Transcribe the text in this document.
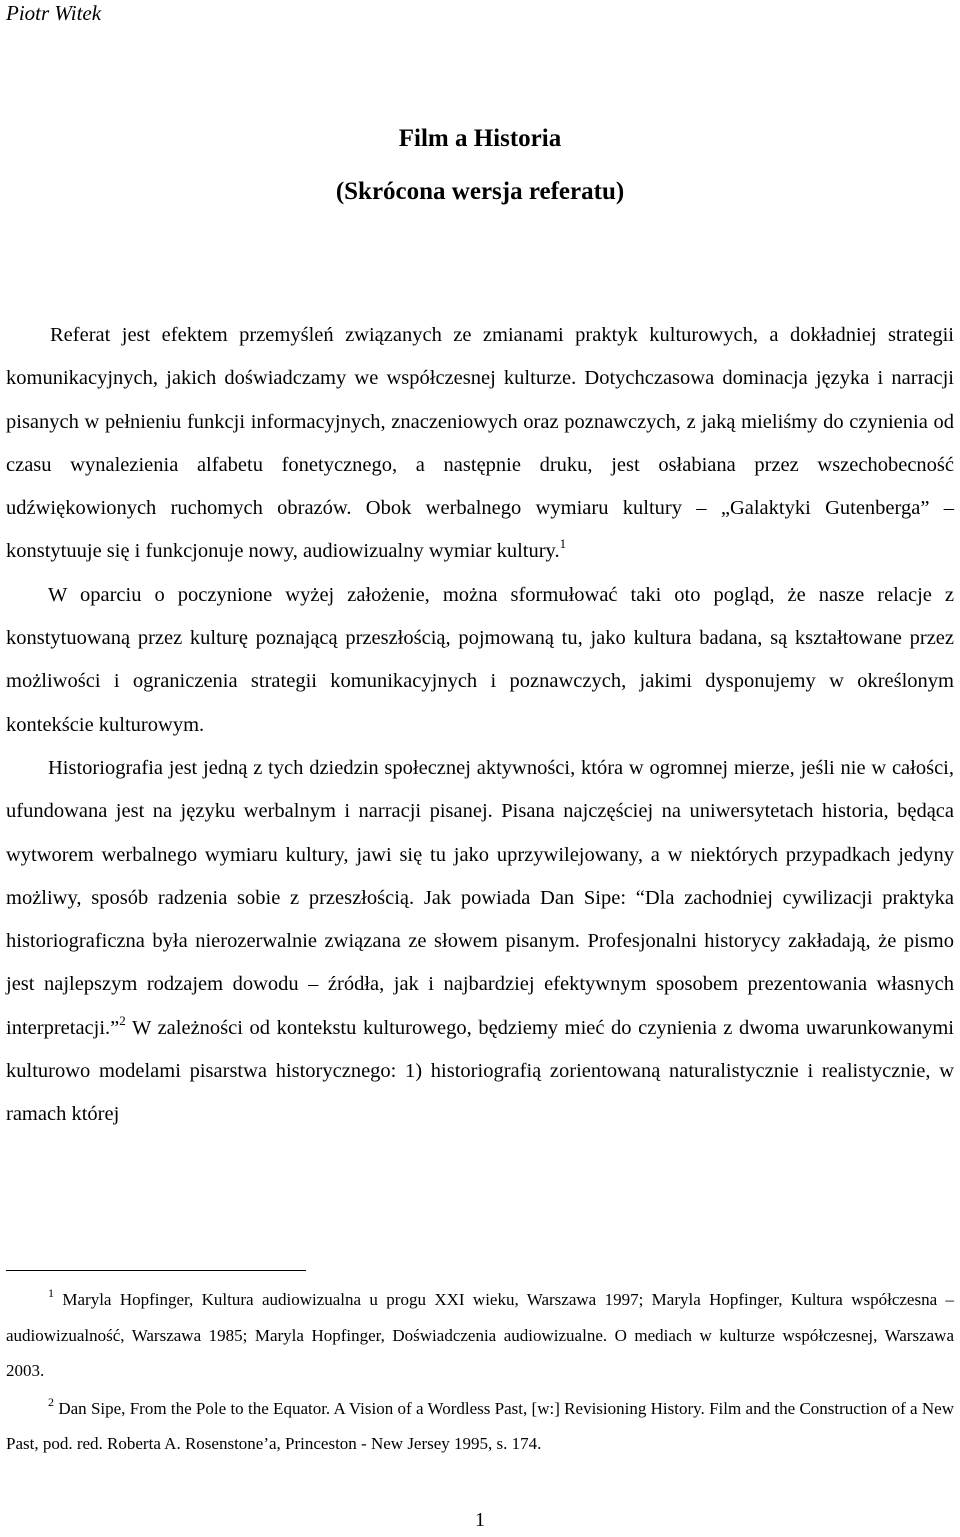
Piotr Witek

Film a Historia

(Skrócona wersja referatu)

Referat jest efektem przemyśleń związanych ze zmianami praktyk kulturowych, a dokładniej strategii komunikacyjnych, jakich doświadczamy we współczesnej kulturze. Dotychczasowa dominacja języka i narracji pisanych w pełnieniu funkcji informacyjnych, znaczeniowych oraz poznawczych, z jaką mieliśmy do czynienia od czasu wynalezienia alfabetu fonetycznego, a następnie druku, jest osłabiana przez wszechobecność udźwiękowionych ruchomych obrazów. Obok werbalnego wymiaru kultury – „Galaktyki Gutenberga” – konstytuuje się i funkcjonuje nowy, audiowizualny wymiar kultury.$^1$

W oparciu o poczynione wyżej założenie, można sformułować taki oto pogląd, że nasze relacje z konstytuowaną przez kulturę poznającą przeszłością, pojmowaną tu, jako kultura badana, są kształtowane przez możliwości i ograniczenia strategii komunikacyjnych i poznawczych, jakimi dysponujemy w określonym kontekście kulturowym.

Historiografia jest jedną z tych dziedzin społecznej aktywności, która w ogromnej mierze, jeśli nie w całości, ufundowana jest na języku werbalnym i narracji pisanej. Pisana najczęściej na uniwersytetach historia, będąca wytworem werbalnego wymiaru kultury, jawi się tu jako uprzywilejowany, a w niektórych przypadkach jedyny możliwy, sposób radzenia sobie z przeszłością. Jak powiada Dan Sipe: “Dla zachodniej cywilizacji praktyka historiograficzna była nierozerwalnie związana ze słowem pisanym. Profesjonalni historycy zakładają, że pismo jest najlepszym rodzajem dowodu – źródła, jak i najbardziej efektywnym sposobem prezentowania własnych interpretacji.”$^2$ W zależności od kontekstu kulturowego, będziemy mieć do czynienia z dwoma uwarunkowanymi kulturowo modelami pisarstwa historycznego: 1) historiografią zorientowaną naturalistycznie i realistycznie, w ramach której

$^1$ Maryla Hopfinger, Kultura audiowizualna u progu XXI wieku, Warszawa 1997; Maryla Hopfinger, Kultura współczesna – audiowizualność, Warszawa 1985; Maryla Hopfinger, Doświadczenia audiowizualne. O mediach w kulturze współczesnej, Warszawa 2003.

$^2$ Dan Sipe, From the Pole to the Equator. A Vision of a Wordless Past, [w:] Revisioning History. Film and the Construction of a New Past, pod. red. Roberta A. Rosenstone’a, Princeston - New Jersey 1995, s. 174.

1
